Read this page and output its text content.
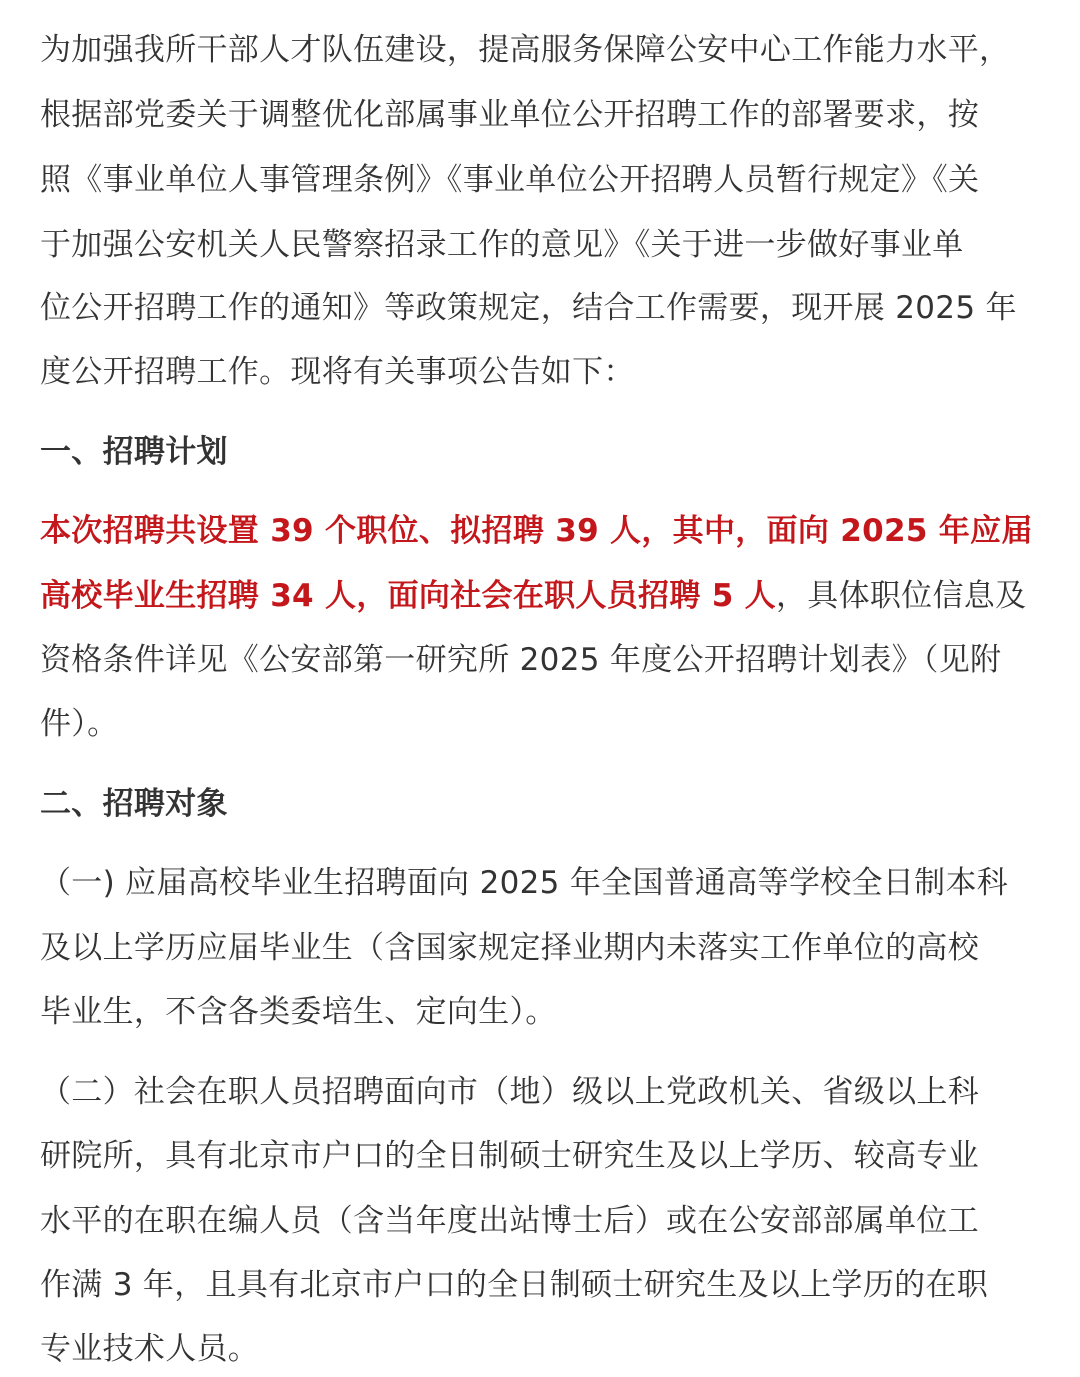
为加强我所干部人才队伍建设，提高服务保障公安中心工作能力水平，
根据部党委关于调整优化部属事业单位公开招聘工作的部署要求，按
照《事业单位人事管理条例》《事业单位公开招聘人员暂行规定》《关
于加强公安机关人民警察招录工作的意见》《关于进一步做好事业单
位公开招聘工作的通知》等政策规定，结合工作需要，现开展 2025 年
度公开招聘工作。现将有关事项公告如下：
一、招聘计划
本次招聘共设置 39 个职位、拟招聘 39 人，其中，面向 2025 年应届
高校毕业生招聘 34 人，面向社会在职人员招聘 5 人，具体职位信息及
资格条件详见《公安部第一研究所 2025 年度公开招聘计划表》（见附
件）。
二、招聘对象
（一) 应届高校毕业生招聘面向 2025 年全国普通高等学校全日制本科
及以上学历应届毕业生（含国家规定择业期内未落实工作单位的高校
毕业生，不含各类委培生、定向生）。
（二）社会在职人员招聘面向市（地）级以上党政机关、省级以上科
研院所，具有北京市户口的全日制硕士研究生及以上学历、较高专业
水平的在职在编人员（含当年度出站博士后）或在公安部部属单位工
作满 3 年，且具有北京市户口的全日制硕士研究生及以上学历的在职
专业技术人员。
